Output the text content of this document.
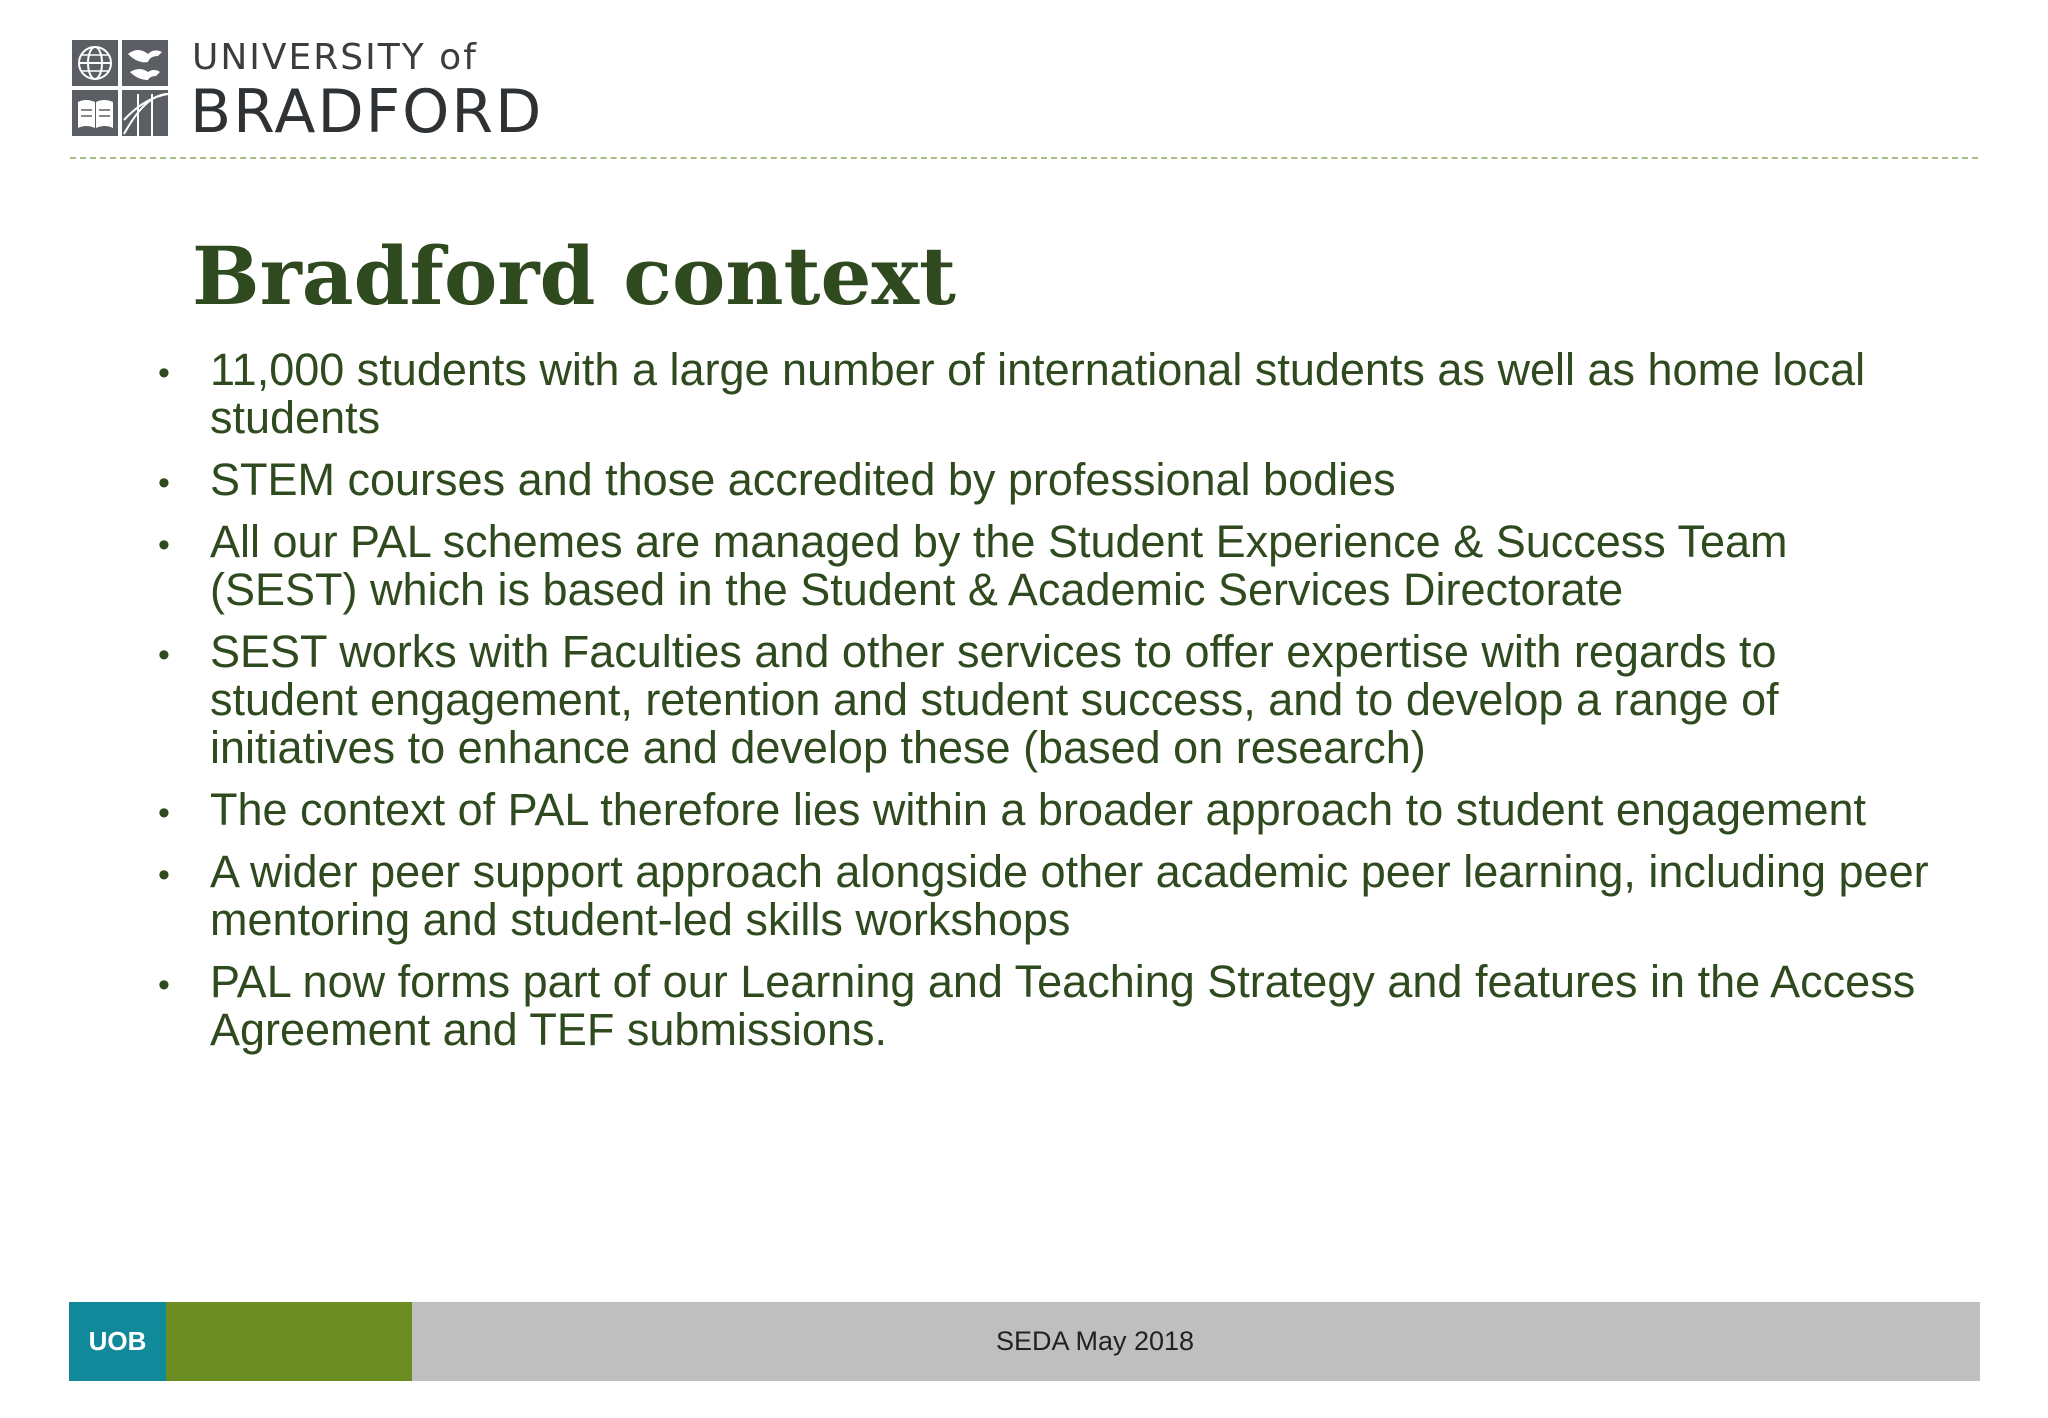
UNIVERSITY of
BRADFORD
Bradford context
• 11,000 students with a large number of international students as well as home local students
• STEM courses and those accredited by professional bodies
• All our PAL schemes are managed by the Student Experience & Success Team (SEST) which is based in the Student & Academic Services Directorate
• SEST works with Faculties and other services to offer expertise with regards to student engagement, retention and student success, and to develop a range of initiatives to enhance and develop these (based on research)
• The context of PAL therefore lies within a broader approach to student engagement
• A wider peer support approach alongside other academic peer learning, including peer mentoring and student-led skills workshops
• PAL now forms part of our Learning and Teaching Strategy and features in the Access Agreement and TEF submissions.
UOB	SEDA May 2018
